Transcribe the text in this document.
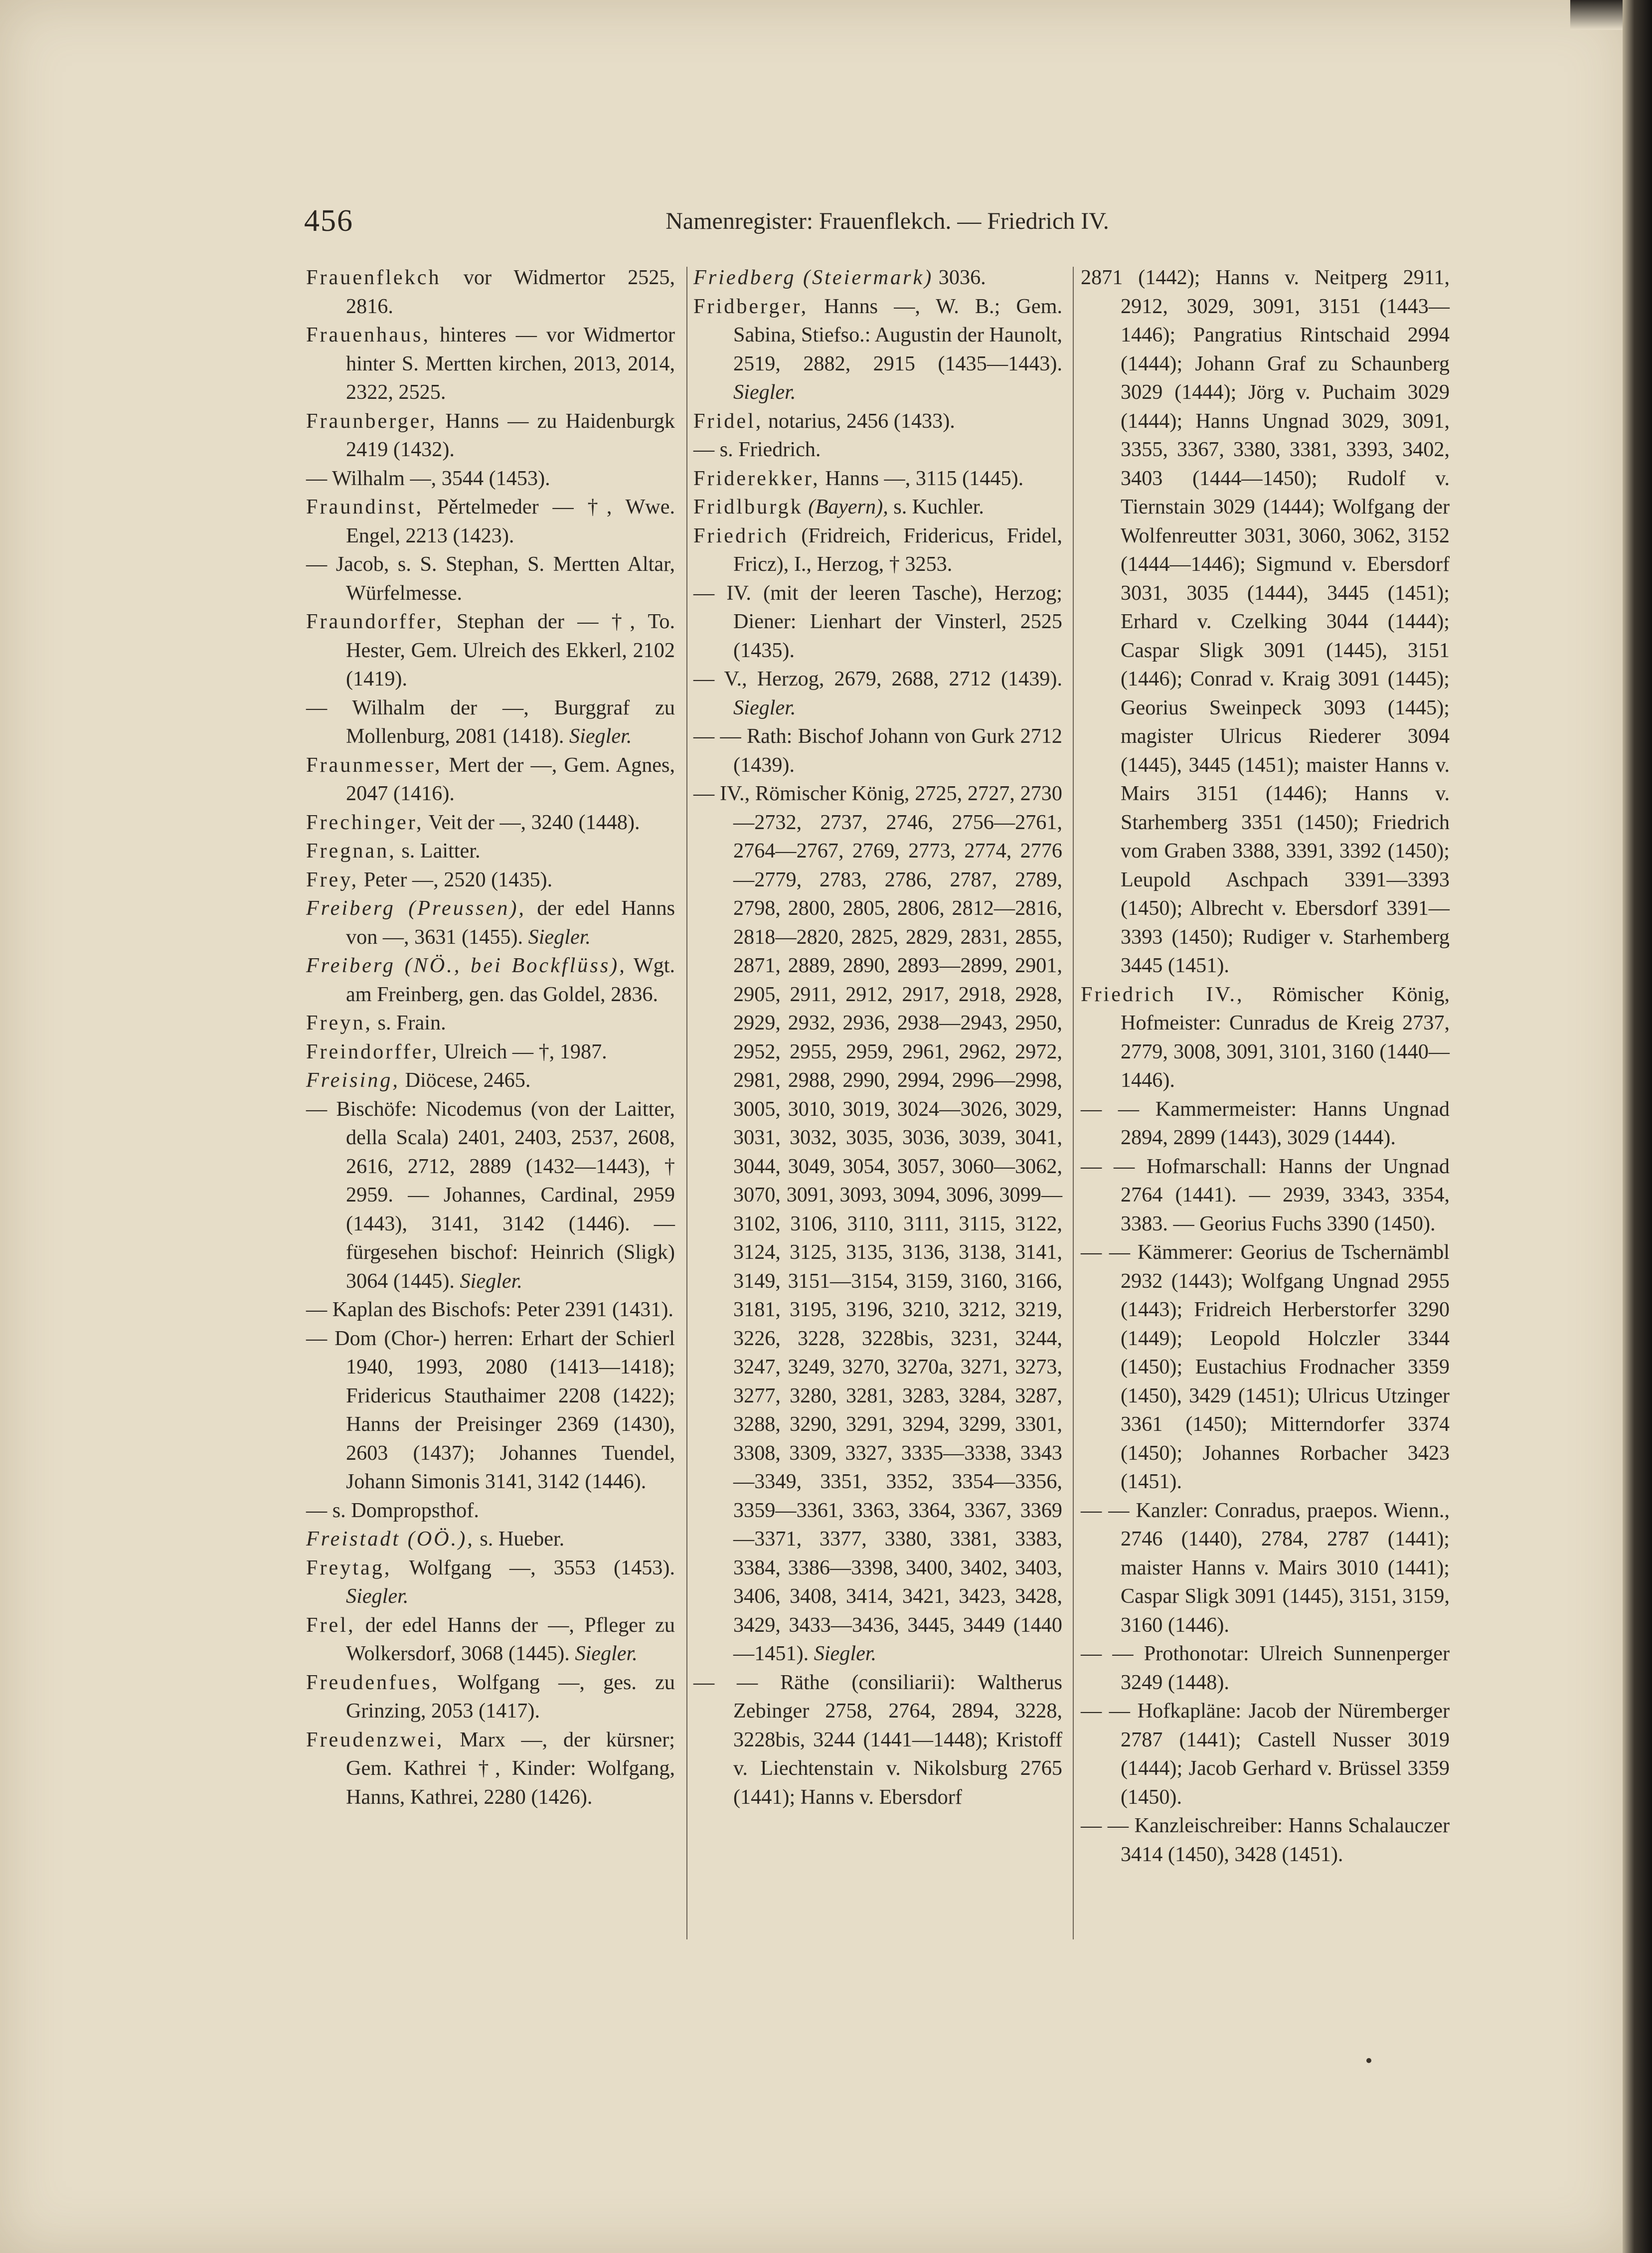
456	Namenregister: Frauenflekch. — Friedrich IV.

Frauenflekch vor Widmertor 2525, 2816.

Frauenhaus, hinteres — vor Widmertor hinter S. Mertten kirchen, 2013, 2014, 2322, 2525.

Fraunberger, Hanns — zu Haidenburgk 2419 (1432).

— Wilhalm —, 3544 (1453).

Fraundinst, Pěrtelmeder — †, Wwe. Engel, 2213 (1423).

— Jacob, s. S. Stephan, S. Mertten Altar, Würfelmesse.

Fraundorffer, Stephan der — †, To. Hester, Gem. Ulreich des Ekkerl, 2102 (1419).

— Wilhalm der —, Burggraf zu Mollenburg, 2081 (1418). Siegler.

Fraunmesser, Mert der —, Gem. Agnes, 2047 (1416).

Frechinger, Veit der —, 3240 (1448).

Fregnan, s. Laitter.

Frey, Peter —, 2520 (1435).

Freiberg (Preussen), der edel Hanns von —, 3631 (1455). Siegler.

Freiberg (NÖ., bei Bockflüss), Wgt. am Freinberg, gen. das Goldel, 2836.

Freyn, s. Frain.

Freindorffer, Ulreich — †, 1987.

Freising, Diöcese, 2465.

— Bischöfe: Nicodemus (von der Laitter, della Scala) 2401, 2403, 2537, 2608, 2616, 2712, 2889 (1432—1443), † 2959. — Johannes, Cardinal, 2959 (1443), 3141, 3142 (1446). — fürgesehen bischof: Heinrich (Sligk) 3064 (1445). Siegler.

— Kaplan des Bischofs: Peter 2391 (1431).

— Dom (Chor-) herren: Erhart der Schierl 1940, 1993, 2080 (1413—1418); Fridericus Stauthaimer 2208 (1422); Hanns der Preisinger 2369 (1430), 2603 (1437); Johannes Tuendel, Johann Simonis 3141, 3142 (1446).

— s. Dompropsthof.

Freistadt (OÖ.), s. Hueber.

Freytag, Wolfgang —, 3553 (1453). Siegler.

Frel, der edel Hanns der —, Pfleger zu Wolkersdorf, 3068 (1445). Siegler.

Freudenfues, Wolfgang —, ges. zu Grinzing, 2053 (1417).

Freudenzwei, Marx —, der kürsner; Gem. Kathrei †, Kinder: Wolfgang, Hanns, Kathrei, 2280 (1426).

Friedberg (Steiermark) 3036.

Fridberger, Hanns —, W. B.; Gem. Sabina, Stiefso.: Augustin der Haunolt, 2519, 2882, 2915 (1435—1443). Siegler.

Fridel, notarius, 2456 (1433).

— s. Friedrich.

Friderekker, Hanns —, 3115 (1445).

Fridlburgk (Bayern), s. Kuchler.

Friedrich (Fridreich, Fridericus, Fridel, Fricz), I., Herzog, † 3253.

— IV. (mit der leeren Tasche), Herzog; Diener: Lienhart der Vinsterl, 2525 (1435).

— V., Herzog, 2679, 2688, 2712 (1439). Siegler.

— — Rath: Bischof Johann von Gurk 2712 (1439).

— IV., Römischer König, 2725, 2727, 2730—2732, 2737, 2746, 2756—2761, 2764—2767, 2769, 2773, 2774, 2776—2779, 2783, 2786, 2787, 2789, 2798, 2800, 2805, 2806, 2812—2816, 2818—2820, 2825, 2829, 2831, 2855, 2871, 2889, 2890, 2893—2899, 2901, 2905, 2911, 2912, 2917, 2918, 2928, 2929, 2932, 2936, 2938—2943, 2950, 2952, 2955, 2959, 2961, 2962, 2972, 2981, 2988, 2990, 2994, 2996—2998, 3005, 3010, 3019, 3024—3026, 3029, 3031, 3032, 3035, 3036, 3039, 3041, 3044, 3049, 3054, 3057, 3060—3062, 3070, 3091, 3093, 3094, 3096, 3099—3102, 3106, 3110, 3111, 3115, 3122, 3124, 3125, 3135, 3136, 3138, 3141, 3149, 3151—3154, 3159, 3160, 3166, 3181, 3195, 3196, 3210, 3212, 3219, 3226, 3228, 3228bis, 3231, 3244, 3247, 3249, 3270, 3270a, 3271, 3273, 3277, 3280, 3281, 3283, 3284, 3287, 3288, 3290, 3291, 3294, 3299, 3301, 3308, 3309, 3327, 3335—3338, 3343—3349, 3351, 3352, 3354—3356, 3359—3361, 3363, 3364, 3367, 3369—3371, 3377, 3380, 3381, 3383, 3384, 3386—3398, 3400, 3402, 3403, 3406, 3408, 3414, 3421, 3423, 3428, 3429, 3433—3436, 3445, 3449 (1440—1451). Siegler.

— — Räthe (consiliarii): Waltherus Zebinger 2758, 2764, 2894, 3228, 3228bis, 3244 (1441—1448); Kristoff v. Liechtenstain v. Nikolsburg 2765 (1441); Hanns v. Ebersdorf

2871 (1442); Hanns v. Neitperg 2911, 2912, 3029, 3091, 3151 (1443—1446); Pangratius Rintschaid 2994 (1444); Johann Graf zu Schaunberg 3029 (1444); Jörg v. Puchaim 3029 (1444); Hanns Ungnad 3029, 3091, 3355, 3367, 3380, 3381, 3393, 3402, 3403 (1444—1450); Rudolf v. Tiernstain 3029 (1444); Wolfgang der Wolfenreutter 3031, 3060, 3062, 3152 (1444—1446); Sigmund v. Ebersdorf 3031, 3035 (1444), 3445 (1451); Erhard v. Czelking 3044 (1444); Caspar Sligk 3091 (1445), 3151 (1446); Conrad v. Kraig 3091 (1445); Georius Sweinpeck 3093 (1445); magister Ulricus Riederer 3094 (1445), 3445 (1451); maister Hanns v. Mairs 3151 (1446); Hanns v. Starhemberg 3351 (1450); Friedrich vom Graben 3388, 3391, 3392 (1450); Leupold Aschpach 3391—3393 (1450); Albrecht v. Ebersdorf 3391—3393 (1450); Rudiger v. Starhemberg 3445 (1451).

Friedrich IV., Römischer König, Hofmeister: Cunradus de Kreig 2737, 2779, 3008, 3091, 3101, 3160 (1440—1446).

— — Kammermeister: Hanns Ungnad 2894, 2899 (1443), 3029 (1444).

— — Hofmarschall: Hanns der Ungnad 2764 (1441). — 2939, 3343, 3354, 3383. — Georius Fuchs 3390 (1450).

— — Kämmerer: Georius de Tschernämbl 2932 (1443); Wolfgang Ungnad 2955 (1443); Fridreich Herberstorfer 3290 (1449); Leopold Holczler 3344 (1450); Eustachius Frodnacher 3359 (1450), 3429 (1451); Ulricus Utzinger 3361 (1450); Mitterndorfer 3374 (1450); Johannes Rorbacher 3423 (1451).

— — Kanzler: Conradus, praepos. Wienn., 2746 (1440), 2784, 2787 (1441); maister Hanns v. Mairs 3010 (1441); Caspar Sligk 3091 (1445), 3151, 3159, 3160 (1446).

— — Prothonotar: Ulreich Sunnenperger 3249 (1448).

— — Hofkapläne: Jacob der Nüremberger 2787 (1441); Castell Nusser 3019 (1444); Jacob Gerhard v. Brüssel 3359 (1450).

— — Kanzleischreiber: Hanns Schalauczer 3414 (1450), 3428 (1451).
